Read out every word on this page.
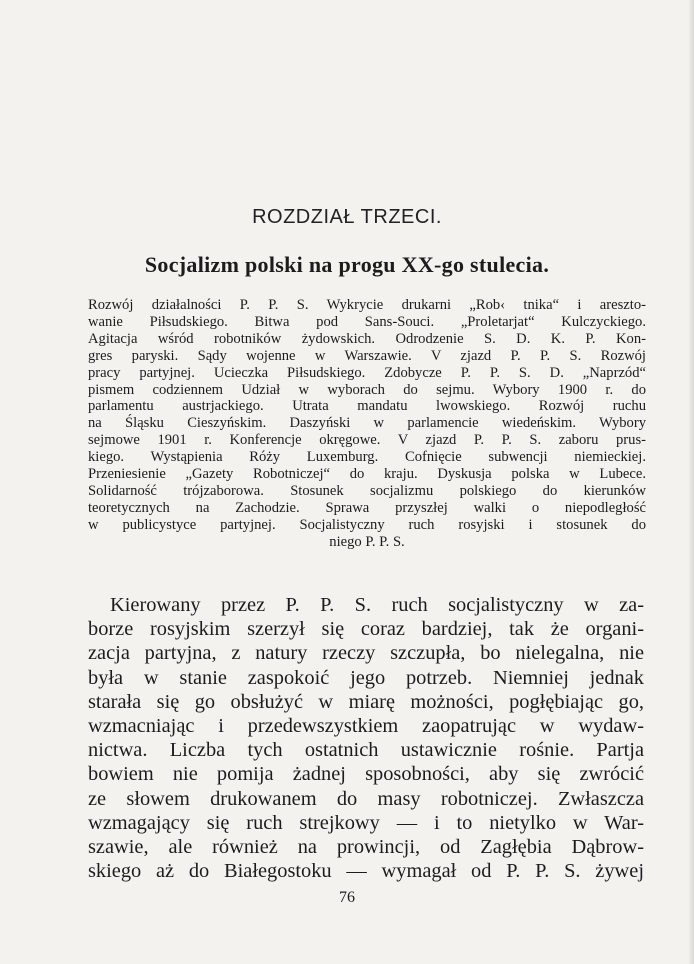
ROZDZIAŁ TRZECI.
Socjalizm polski na progu XX-go stulecia.
Rozwój działalności P. P. S. Wykrycie drukarni „Rob‹ tnika“ i aresztо-
wanie Piłsudskiego. Bitwa pod Sans-Souci. „Proletarjat“ Kulczyckiego.
Agitacja wśród robotników żydowskich. Odrodzenie S. D. K. P. Kon-
gres paryski. Sądy wojenne w Warszawie. V zjazd P. P. S. Rozwój
pracy partyjnej. Ucieczka Piłsudskiego. Zdobycze P. P. S. D. „Naprzód“
pismem codziennem Udział w wyborach do sejmu. Wybory 1900 r. do
parlamentu austrjackiego. Utrata mandatu lwowskiego. Rozwój ruchu
na Śląsku Cieszyńskim. Daszyński w parlamencie wiedeńskim. Wybory
sejmowe 1901 r. Konferencje okręgowe. V zjazd P. P. S. zaboru prus-
kiego. Wystąpienia Róży Luxemburg. Cofnięcie subwencji niemieckiej.
Przeniesienie „Gazety Robotniczej“ do kraju. Dyskusja polska w Lubece.
Solidarność trójzaborowa. Stosunek socjalizmu polskiego do kierunków
teoretycznych na Zachodzie. Sprawa przyszłej walki o niepodległość
w publicystyce partyjnej. Socjalistyczny ruch rosyjski i stosunek do
niego P. P. S.
Kierowany przez P. P. S. ruch socjalistyczny w za-
borze rosyjskim szerzył się coraz bardziej, tak że organi-
zacja partyjna, z natury rzeczy szczupła, bo nielegalna, nie
była w stanie zaspokoić jego potrzeb. Niemniej jednak
starała się go obsłużyć w miarę możności, pogłębiając go,
wzmacniając i przedewszystkiem zaopatrując w wydaw-
nictwa. Liczba tych ostatnich ustawicznie rośnie. Partja
bowiem nie pomija żadnej sposobności, aby się zwrócić
ze słowem drukowanem do masy robotniczej. Zwłaszcza
wzmagający się ruch strejkowy — i to nietylko w War-
szawie, ale również na prowincji, od Zagłębia Dąbrow-
skiego aż do Białegostoku — wymagał od P. P. S. żywej
76
